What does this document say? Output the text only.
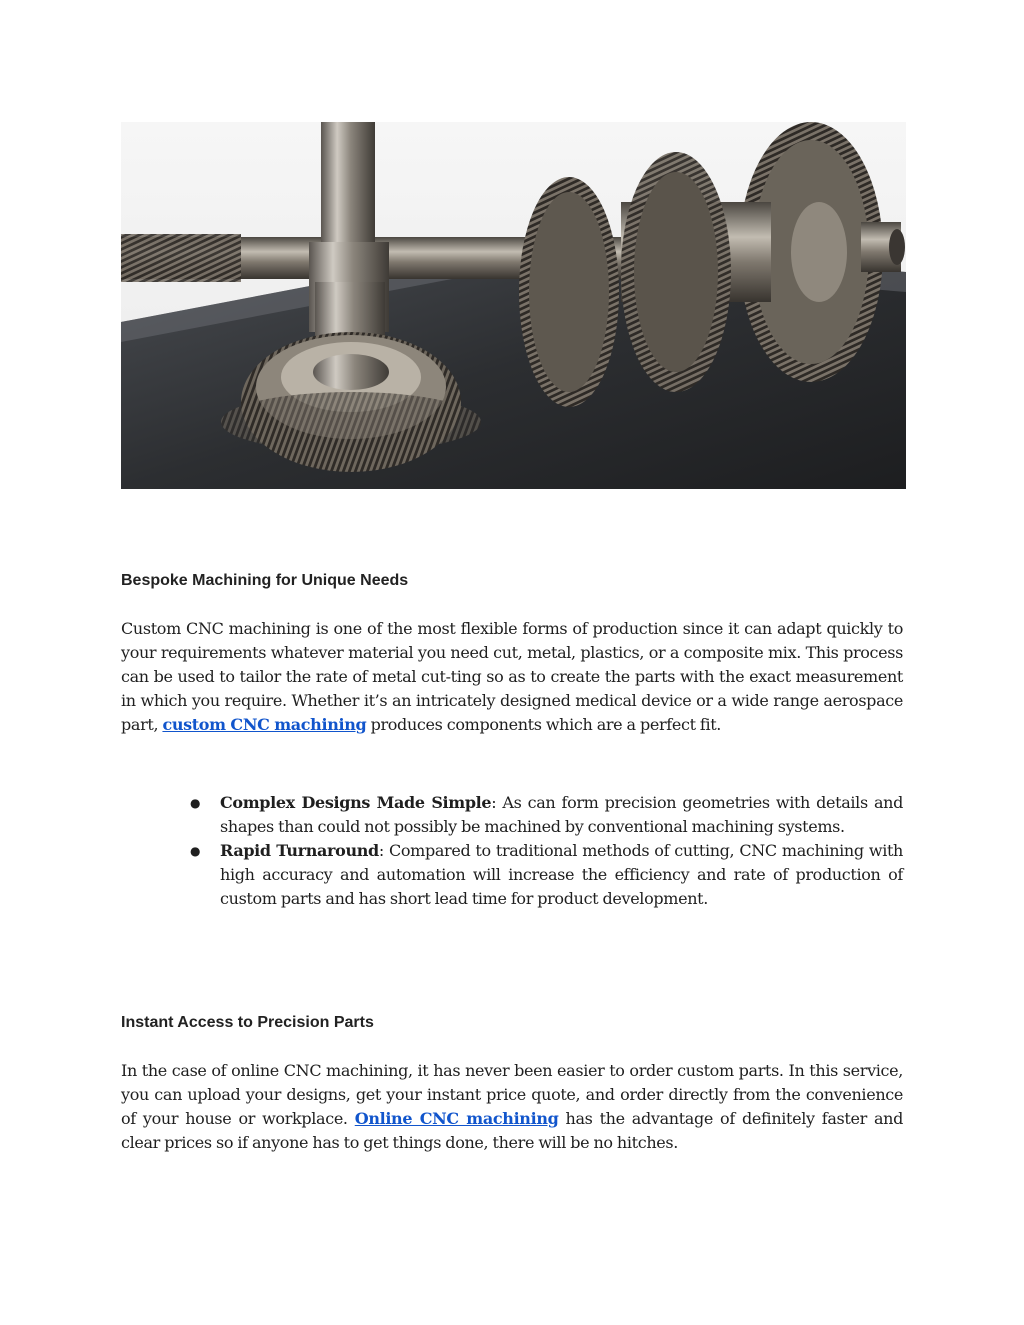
Bespoke Machining for Unique Needs

Custom CNC machining is one of the most flexible forms of production since it can adapt quickly to your requirements whatever material you need cut, metal, plastics, or a composite mix. This process can be used to tailor the rate of metal cut-ting so as to create the parts with the exact measurement in which you require. Whether it’s an intricately designed medical device or a wide range aerospace part, custom CNC machining produces components which are a perfect fit.

● Complex Designs Made Simple: As can form precision geometries with details and shapes than could not possibly be machined by conventional machining systems.
● Rapid Turnaround: Compared to traditional methods of cutting, CNC machining with high accuracy and automation will increase the efficiency and rate of production of custom parts and has short lead time for product development.
Instant Access to Precision Parts

In the case of online CNC machining, it has never been easier to order custom parts. In this service, you can upload your designs, get your instant price quote, and order directly from the convenience of your house or workplace. Online CNC machining has the advantage of definitely faster and clear prices so if anyone has to get things done, there will be no hitches.
